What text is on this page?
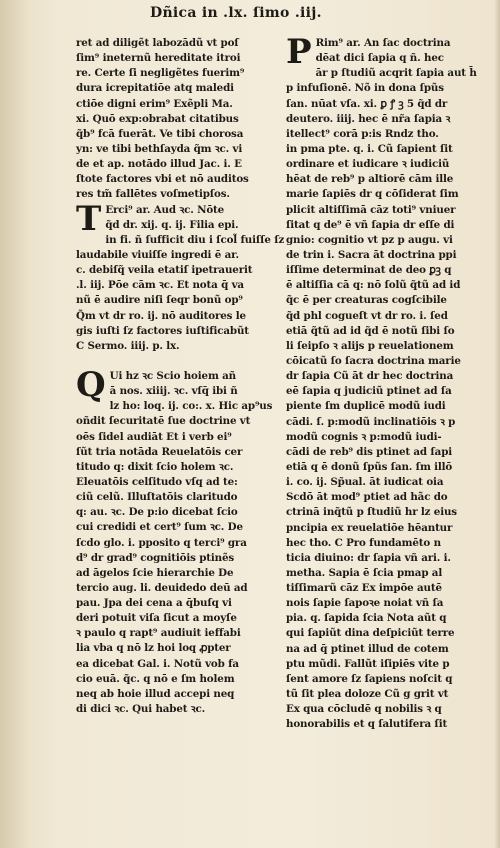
Dñica in .lx. ſimo .iij.
ret ad diligẽt labozādũ vt poſ
ſim⁹ ineternũ hereditate itroi
re. Certe ſi negligẽtes fuerim⁹
dura icrepitatiōe atq maledi
ctiōe digni erim⁹ Exẽpli Ma.
xi. Quō exp:obrabat citatibus
q̃b⁹ fcā fuerāt. Ve tibi chorosa
yn: ve tibi bethſayda q̃m ꝛc. vi
de et ap. notādo illud Jac. i. E
ſtote factores vbi et nō auditos
res tm̃ fallētes voſmetipſos.
T Erci⁹ ar. Aud ꝛc. Nōte
q̃d dr. xij. q. ij. Filia epi.
in fi. ñ ſufficit diu i ſcol̃ fuiſſe ſz
laudabile viuiſſe ingredi ē ar.
c. debiſq̃ veila etatiſ ipetrauerit
.l. iij. Pōe cām ꝛc. Et nota q̄ va
nũ ē audire niſi ſeqr bonũ op⁹
Q̃m vt dr ro. ij. nō auditores le
gis iuſti ſz factores iuſtificabũt
C Sermo. iiij. p. lx.
Q Ui hz ꝛc Scio hoiem añ
ā nos. xiiij. ꝛc. vſq̄ ibi ñ
lz ho: loq. ij. co:. x. Hic ap⁹us
oñdit ſecuritatē ſue doctrine vt
oēs ſidel audiāt Et i verb ei⁹
ſũt tria notāda Reuelatōis cer
titudo q: dixit ſcio holem ꝛc.
Eleuatōis celſitudo vſq ad te:
ciũ celũ. Illuſtatōis claritudo
q: au. ꝛc. De p:io dicebat ſcio
cui credidi et cert⁹ ſum ꝛc. De
ſcdo glo. i. pposito q terci⁹ gra
d⁹ dr grad⁹ cognitiōis ptinẽs
ad āgelos ſcie hierarchie De
tercio aug. li. deuidedo deū ad
pau. Jpa dei cena a q̄buſq vi
deri potuit viſa ſicut a moyſe
ꝛ paulo q rapt⁹ audiuit ieffabi
lia vba q nō lz hoi loq ꝓpter
ea dicebat Gal. i. Notũ vob fa
cio euā. q̃c. q nō e ſm holem
neq ab hoie illud accepi neq
di dici ꝛc. Qui habet ꝛc.
P Rim⁹ ar. An ſac doctrina
dēat dici ſapia q ñ. hec
ār p ſtudiũ acqrit ſapia aut h̄
p infuſionē. Nõ in dona ſpũs
ſan. nūat vſa. xi. ꝑ ꝭ ꝫ 5 q̃d dr
deutero. iiij. hec ē nr̃a ſapia ꝛ
itellect⁹ corā p:is Rndz tho.
in pma pte. q. i. Cũ ſapient ſit
ordinare et iudicare ꝛ iudiciũ
hēat de reb⁹ p altiorē cām ille
marie ſapiēs dr q cōſiderat ſim
plicit altiſſimā cāz toti⁹ vniuer
ſitat q de⁹ ē vñ ſapia dr eſſe di
gnio: cognitio vt pz p augu. vi
de trin i. Sacra āt doctrina ppi
iſſime determinat de deo ꝑꝫ q
ē altiſſia cā q: nō ſolũ q̃tũ ad id
q̃c ē per creaturas cogſcibile
q̃d phl cogueſt vt dr ro. i. ſed
etiā q̃tũ ad id q̃d ē notũ ſibi ſo
li ſeipſo ꝛ alijs p reuelationem
cōicatũ ſo ſacra doctrina marie
dr ſapia Cũ āt dr hec doctrina
eē ſapia q judiciũ ptinet ad ſa
piente ſm duplicē modũ iudi
cādi. ſ. p:modũ inclinatiōis ꝛ p
modũ cognis ꝛ p:modũ iudi-
cādi de reb⁹ dis ptinet ad ſapi
etiā q ē donũ ſpũs ſan. ſm illō
i. co. ij. Sp̃ual. āt iudicat oia
Scdō āt mod⁹ ptiet ad hãc do
ctrinā inq̃tũ p ſtudiũ hr lz eius
pncipia ex reuelatiōe hēantur
hec tho. C Pro fundamēto n
ticia diuino: dr ſapia vñ ari. i.
metha. Sapia ē ſcia pmap al
tiſſimarũ cāz Ex impōe autē
nois ſapie ſapoꝛe noiat vñ ſa
pia. q. ſapida ſcia Nota aũt q
qui ſapiũt dina deſpiciũt terre
na ad q̄ ptinet illud de cotem
ptu mũdi. Fallũt iſipiēs vite p
ſent amore ſz ſapiens noſcit q
tũ ſit plea doloze Cũ g grit vt
Ex qua cōcludē q nobilis ꝛ q
honorabilis et q ſalutifera ſit
